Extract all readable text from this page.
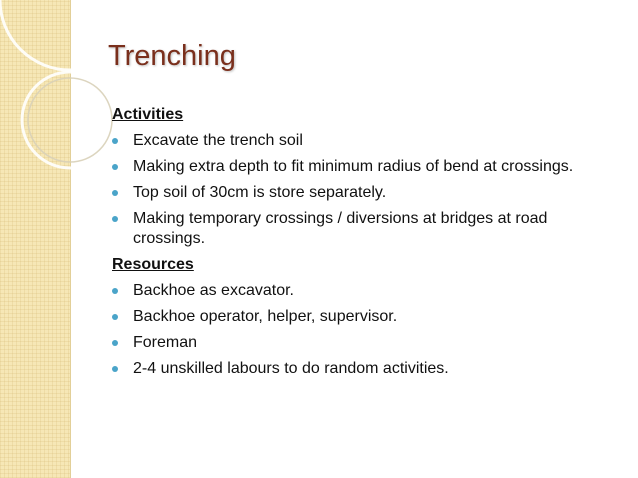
Trenching
Activities
Excavate the trench soil
Making extra depth to fit minimum radius of bend at crossings.
Top soil of 30cm is store separately.
Making temporary crossings / diversions at bridges at road crossings.
Resources
Backhoe as excavator.
Backhoe operator, helper, supervisor.
Foreman
2-4 unskilled labours to do random activities.
